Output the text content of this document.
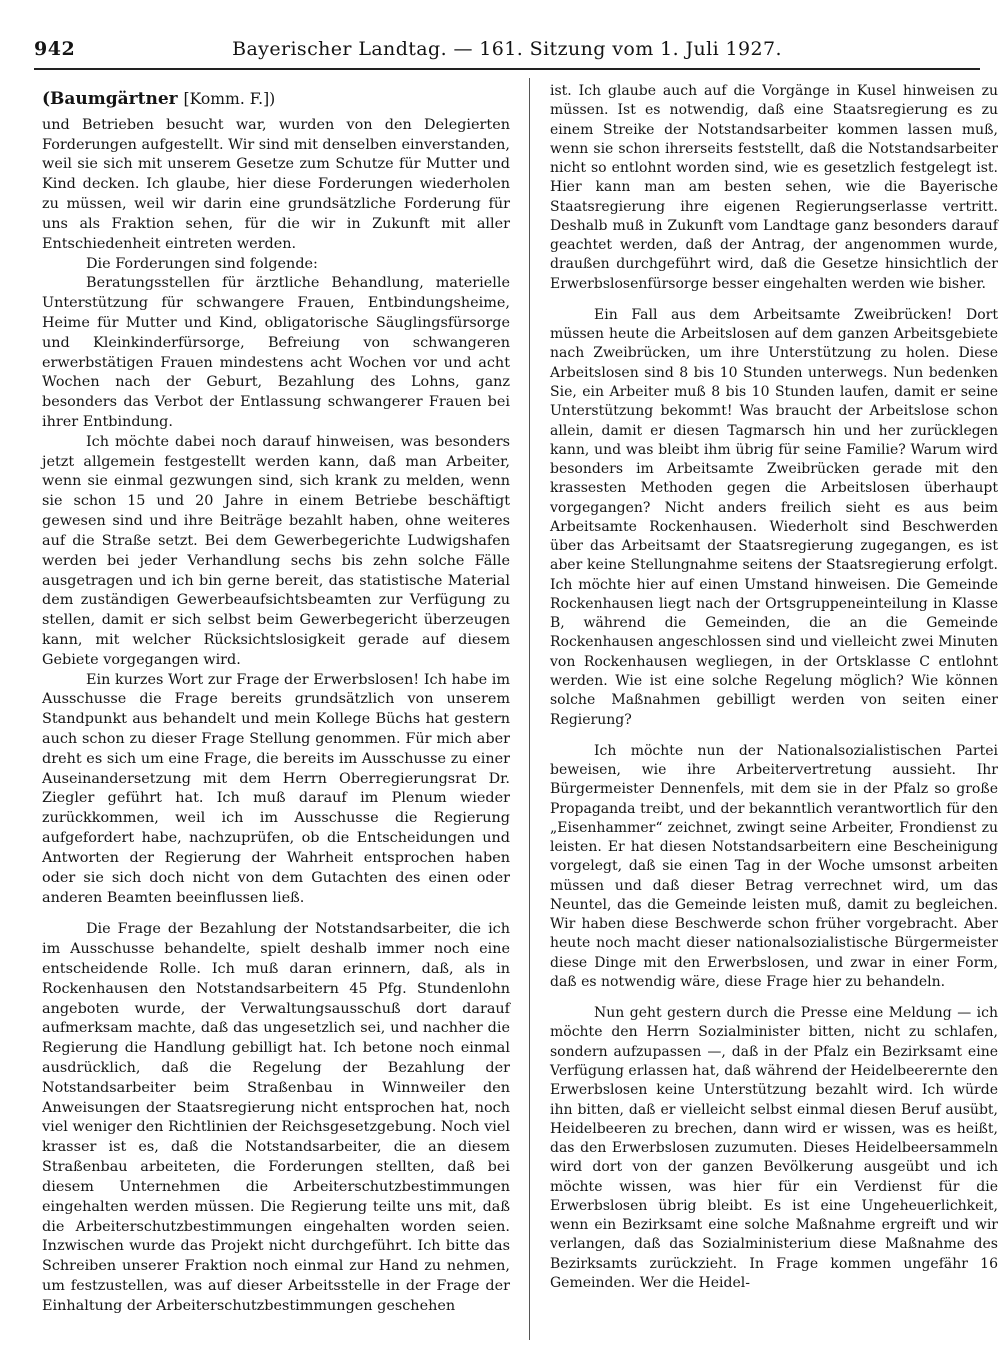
942	Bayerischer Landtag. — 161. Sitzung vom 1. Juli 1927.
(Baumgärtner [Komm. F.])

und Betrieben besucht war, wurden von den Delegierten Forderungen aufgestellt. Wir sind mit denselben einverstanden, weil sie sich mit unserem Gesetze zum Schutze für Mutter und Kind decken. Ich glaube, hier diese Forderungen wiederholen zu müssen, weil wir darin eine grundsätzliche Forderung für uns als Fraktion sehen, für die wir in Zukunft mit aller Entschiedenheit eintreten werden.

Die Forderungen sind folgende:

Beratungsstellen für ärztliche Behandlung, materielle Unterstützung für schwangere Frauen, Entbindungsheime, Heime für Mutter und Kind, obligatorische Säuglingsfürsorge und Kleinkinderfürsorge, Befreiung von schwangeren erwerbstätigen Frauen mindestens acht Wochen vor und acht Wochen nach der Geburt, Bezahlung des Lohns, ganz besonders das Verbot der Entlassung schwangerer Frauen bei ihrer Entbindung.

Ich möchte dabei noch darauf hinweisen, was besonders jetzt allgemein festgestellt werden kann, daß man Arbeiter, wenn sie einmal gezwungen sind, sich krank zu melden, wenn sie schon 15 und 20 Jahre in einem Betriebe beschäftigt gewesen sind und ihre Beiträge bezahlt haben, ohne weiteres auf die Straße setzt. Bei dem Gewerbegerichte Ludwigshafen werden bei jeder Verhandlung sechs bis zehn solche Fälle ausgetragen und ich bin gerne bereit, das statistische Material dem zuständigen Gewerbeaufsichtsbeamten zur Verfügung zu stellen, damit er sich selbst beim Gewerbegericht überzeugen kann, mit welcher Rücksichtslosigkeit gerade auf diesem Gebiete vorgegangen wird.

Ein kurzes Wort zur Frage der Erwerbslosen! Ich habe im Ausschusse die Frage bereits grundsätzlich von unserem Standpunkt aus behandelt und mein Kollege Büchs hat gestern auch schon zu dieser Frage Stellung genommen. Für mich aber dreht es sich um eine Frage, die bereits im Ausschusse zu einer Auseinandersetzung mit dem Herrn Oberregierungsrat Dr. Ziegler geführt hat. Ich muß darauf im Plenum wieder zurückkommen, weil ich im Ausschusse die Regierung aufgefordert habe, nachzuprüfen, ob die Entscheidungen und Antworten der Regierung der Wahrheit entsprochen haben oder sie sich doch nicht von dem Gutachten des einen oder anderen Beamten beeinflussen ließ.

Die Frage der Bezahlung der Notstandsarbeiter, die ich im Ausschusse behandelte, spielt deshalb immer noch eine entscheidende Rolle. Ich muß daran erinnern, daß, als in Rockenhausen den Notstandsarbeitern 45 Pfg. Stundenlohn angeboten wurde, der Verwaltungsausschuß dort darauf aufmerksam machte, daß das ungesetzlich sei, und nachher die Regierung die Handlung gebilligt hat. Ich betone noch einmal ausdrücklich, daß die Regelung der Bezahlung der Notstandsarbeiter beim Straßenbau in Winnweiler den Anweisungen der Staatsregierung nicht entsprochen hat, noch viel weniger den Richtlinien der Reichsgesetzgebung. Noch viel krasser ist es, daß die Notstandsarbeiter, die an diesem Straßenbau arbeiteten, die Forderungen stellten, daß bei diesem Unternehmen die Arbeiterschutzbestimmungen eingehalten werden müssen. Die Regierung teilte uns mit, daß die Arbeiterschutzbestimmungen eingehalten worden seien. Inzwischen wurde das Projekt nicht durchgeführt. Ich bitte das Schreiben unserer Fraktion noch einmal zur Hand zu nehmen, um festzustellen, was auf dieser Arbeitsstelle in der Frage der Einhaltung der Arbeiterschutzbestimmungen geschehen

ist. Ich glaube auch auf die Vorgänge in Kusel hinweisen zu müssen. Ist es notwendig, daß eine Staatsregierung es zu einem Streike der Notstandsarbeiter kommen lassen muß, wenn sie schon ihrerseits feststellt, daß die Notstandsarbeiter nicht so entlohnt worden sind, wie es gesetzlich festgelegt ist. Hier kann man am besten sehen, wie die Bayerische Staatsregierung ihre eigenen Regierungserlasse vertritt. Deshalb muß in Zukunft vom Landtage ganz besonders darauf geachtet werden, daß der Antrag, der angenommen wurde, draußen durchgeführt wird, daß die Gesetze hinsichtlich der Erwerbslosenfürsorge besser eingehalten werden wie bisher.

Ein Fall aus dem Arbeitsamte Zweibrücken! Dort müssen heute die Arbeitslosen auf dem ganzen Arbeitsgebiete nach Zweibrücken, um ihre Unterstützung zu holen. Diese Arbeitslosen sind 8 bis 10 Stunden unterwegs. Nun bedenken Sie, ein Arbeiter muß 8 bis 10 Stunden laufen, damit er seine Unterstützung bekommt! Was braucht der Arbeitslose schon allein, damit er diesen Tagmarsch hin und her zurücklegen kann, und was bleibt ihm übrig für seine Familie? Warum wird besonders im Arbeitsamte Zweibrücken gerade mit den krassesten Methoden gegen die Arbeitslosen überhaupt vorgegangen? Nicht anders freilich sieht es aus beim Arbeitsamte Rockenhausen. Wiederholt sind Beschwerden über das Arbeitsamt der Staatsregierung zugegangen, es ist aber keine Stellungnahme seitens der Staatsregierung erfolgt. Ich möchte hier auf einen Umstand hinweisen. Die Gemeinde Rockenhausen liegt nach der Ortsgruppeneinteilung in Klasse B, während die Gemeinden, die an die Gemeinde Rockenhausen angeschlossen sind und vielleicht zwei Minuten von Rockenhausen wegliegen, in der Ortsklasse C entlohnt werden. Wie ist eine solche Regelung möglich? Wie können solche Maßnahmen gebilligt werden von seiten einer Regierung?

Ich möchte nun der Nationalsozialistischen Partei beweisen, wie ihre Arbeitervertretung aussieht. Ihr Bürgermeister Dennenfels, mit dem sie in der Pfalz so große Propaganda treibt, und der bekanntlich verantwortlich für den „Eisenhammer“ zeichnet, zwingt seine Arbeiter, Frondienst zu leisten. Er hat diesen Notstandsarbeitern eine Bescheinigung vorgelegt, daß sie einen Tag in der Woche umsonst arbeiten müssen und daß dieser Betrag verrechnet wird, um das Neuntel, das die Gemeinde leisten muß, damit zu begleichen. Wir haben diese Beschwerde schon früher vorgebracht. Aber heute noch macht dieser nationalsozialistische Bürgermeister diese Dinge mit den Erwerbslosen, und zwar in einer Form, daß es notwendig wäre, diese Frage hier zu behandeln.

Nun geht gestern durch die Presse eine Meldung — ich möchte den Herrn Sozialminister bitten, nicht zu schlafen, sondern aufzupassen —, daß in der Pfalz ein Bezirksamt eine Verfügung erlassen hat, daß während der Heidelbeerernte den Erwerbslosen keine Unterstützung bezahlt wird. Ich würde ihn bitten, daß er vielleicht selbst einmal diesen Beruf ausübt, Heidelbeeren zu brechen, dann wird er wissen, was es heißt, das den Erwerbslosen zuzumuten. Dieses Heidelbeersammeln wird dort von der ganzen Bevölkerung ausgeübt und ich möchte wissen, was hier für ein Verdienst für die Erwerbslosen übrig bleibt. Es ist eine Ungeheuerlichkeit, wenn ein Bezirksamt eine solche Maßnahme ergreift und wir verlangen, daß das Sozialministerium diese Maßnahme des Bezirksamts zurückzieht. In Frage kommen ungefähr 16 Gemeinden. Wer die Heidel-
